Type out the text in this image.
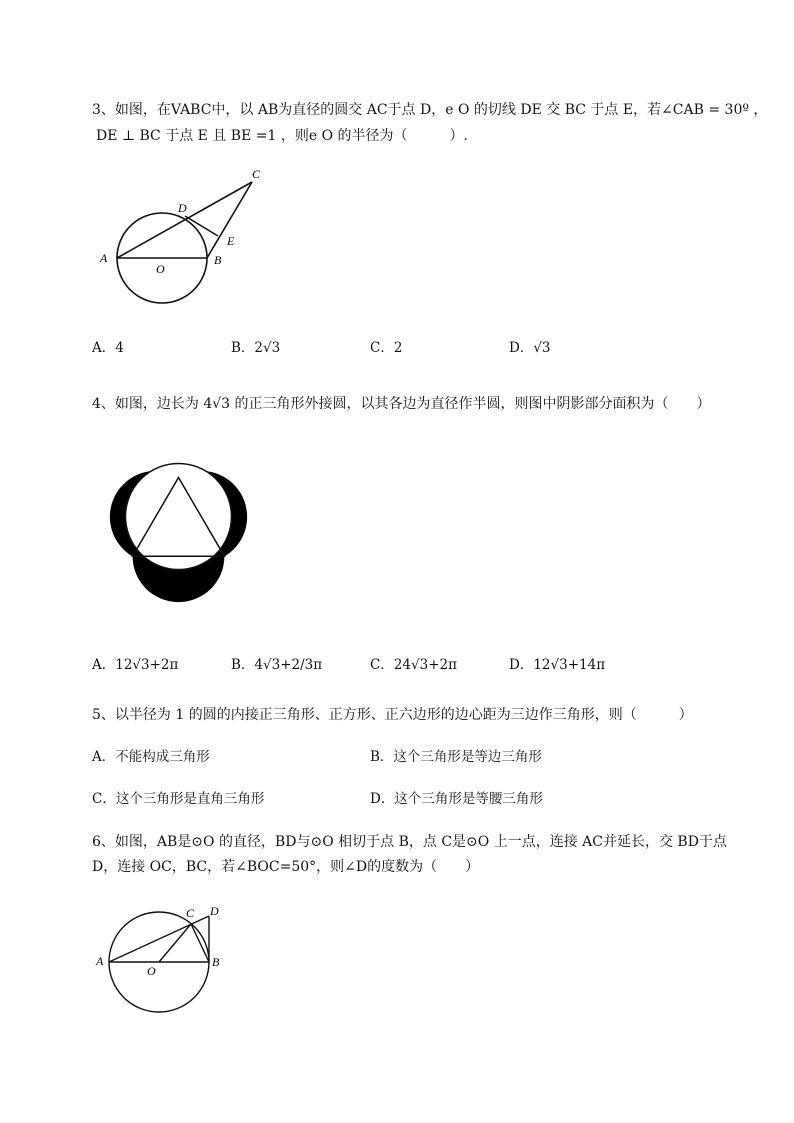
3、如图，在VABC中，以 AB为直径的圆交 AC于点 D，e O 的切线 DE 交 BC 于点 E，若∠CAB = 30º ，
DE ⊥ BC 于点 E 且 BE =1 ，则e O 的半径为（　　　）.
A
O
B
E
D
C
A．4	B．2√3	C．2	D．√3
4、如图，边长为 4√3 的正三角形外接圆，以其各边为直径作半圆，则图中阴影部分面积为（　　）
A．12√3+2π	B．4√3+2/3π	C．24√3+2π	D．12√3+14π
5、以半径为 1 的圆的内接正三角形、正方形、正六边形的边心距为三边作三角形，则（　　　）
A．不能构成三角形	B．这个三角形是等边三角形
C．这个三角形是直角三角形	D．这个三角形是等腰三角形
6、如图，AB是⊙O 的直径，BD与⊙O 相切于点 B，点 C是⊙O 上一点，连接 AC并延长，交 BD于点
D，连接 OC，BC，若∠BOC=50°，则∠D的度数为（　　）
A
O
B
C D
